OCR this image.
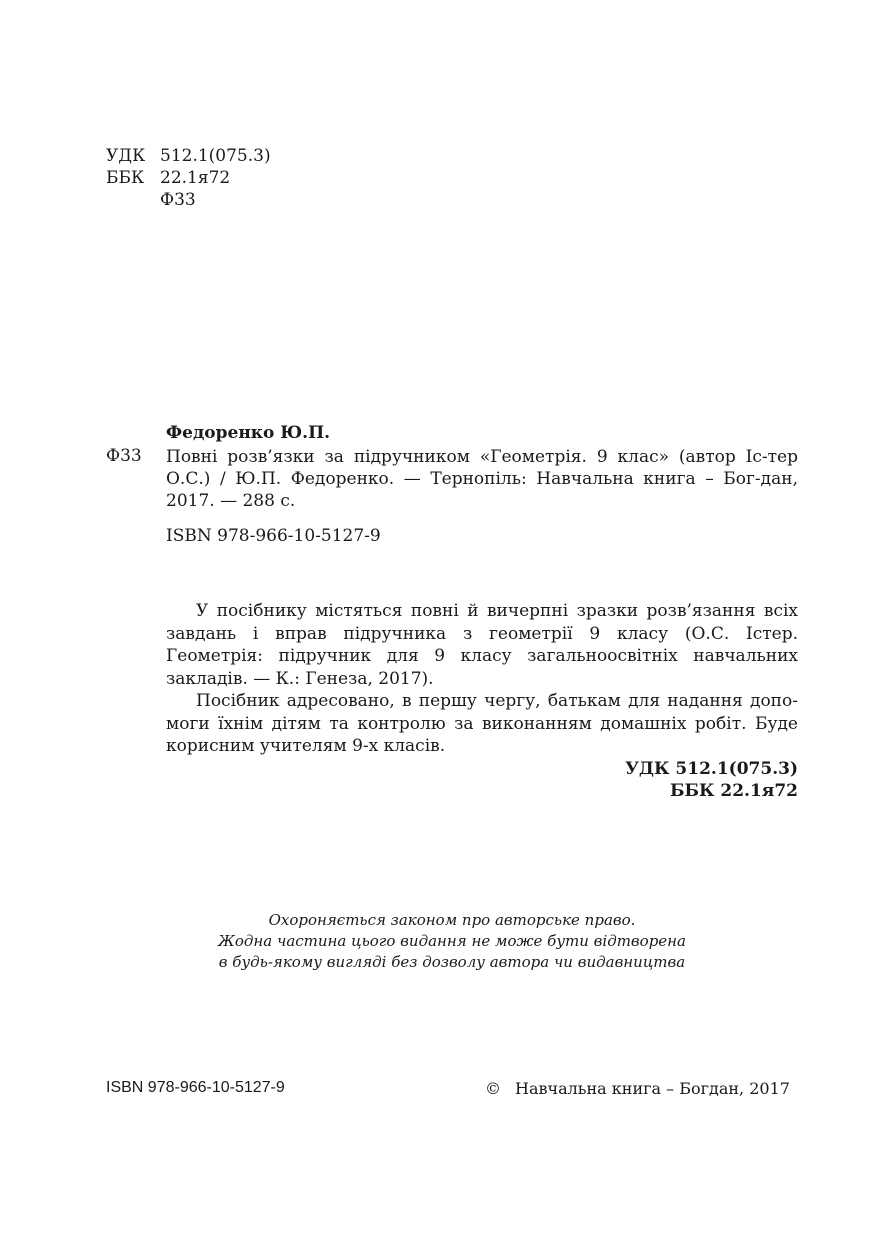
УДК 512.1(075.3)
ББК 22.1я72
Ф33
Федоренко Ю.П.
Ф33 Повні розв’язки за підручником «Геометрія. 9 клас» (автор Іс-тер О.С.) / Ю.П. Федоренко. — Тернопіль: Навчальна книга – Бог-дан, 2017. — 288 с.
ISBN 978-966-10-5127-9

У посібнику містяться повні й вичерпні зразки розв’язання всіх завдань і вправ підручника з геометрії 9 класу (О.С. Істер. Геометрія: підручник для 9 класу загальноосвітніх навчальних закладів. — К.: Генеза, 2017).

Посібник адресовано, в першу чергу, батькам для надання допо-моги їхнім дітям та контролю за виконанням домашніх робіт. Буде корисним учителям 9-х класів.

УДК 512.1(075.3)
ББК 22.1я72
Охороняється законом про авторське право.
Жодна частина цього видання не може бути відтворена
в будь-якому вигляді без дозволу автора чи видавництва
ISBN 978-966-10-5127-9	© Навчальна книга – Богдан, 2017
